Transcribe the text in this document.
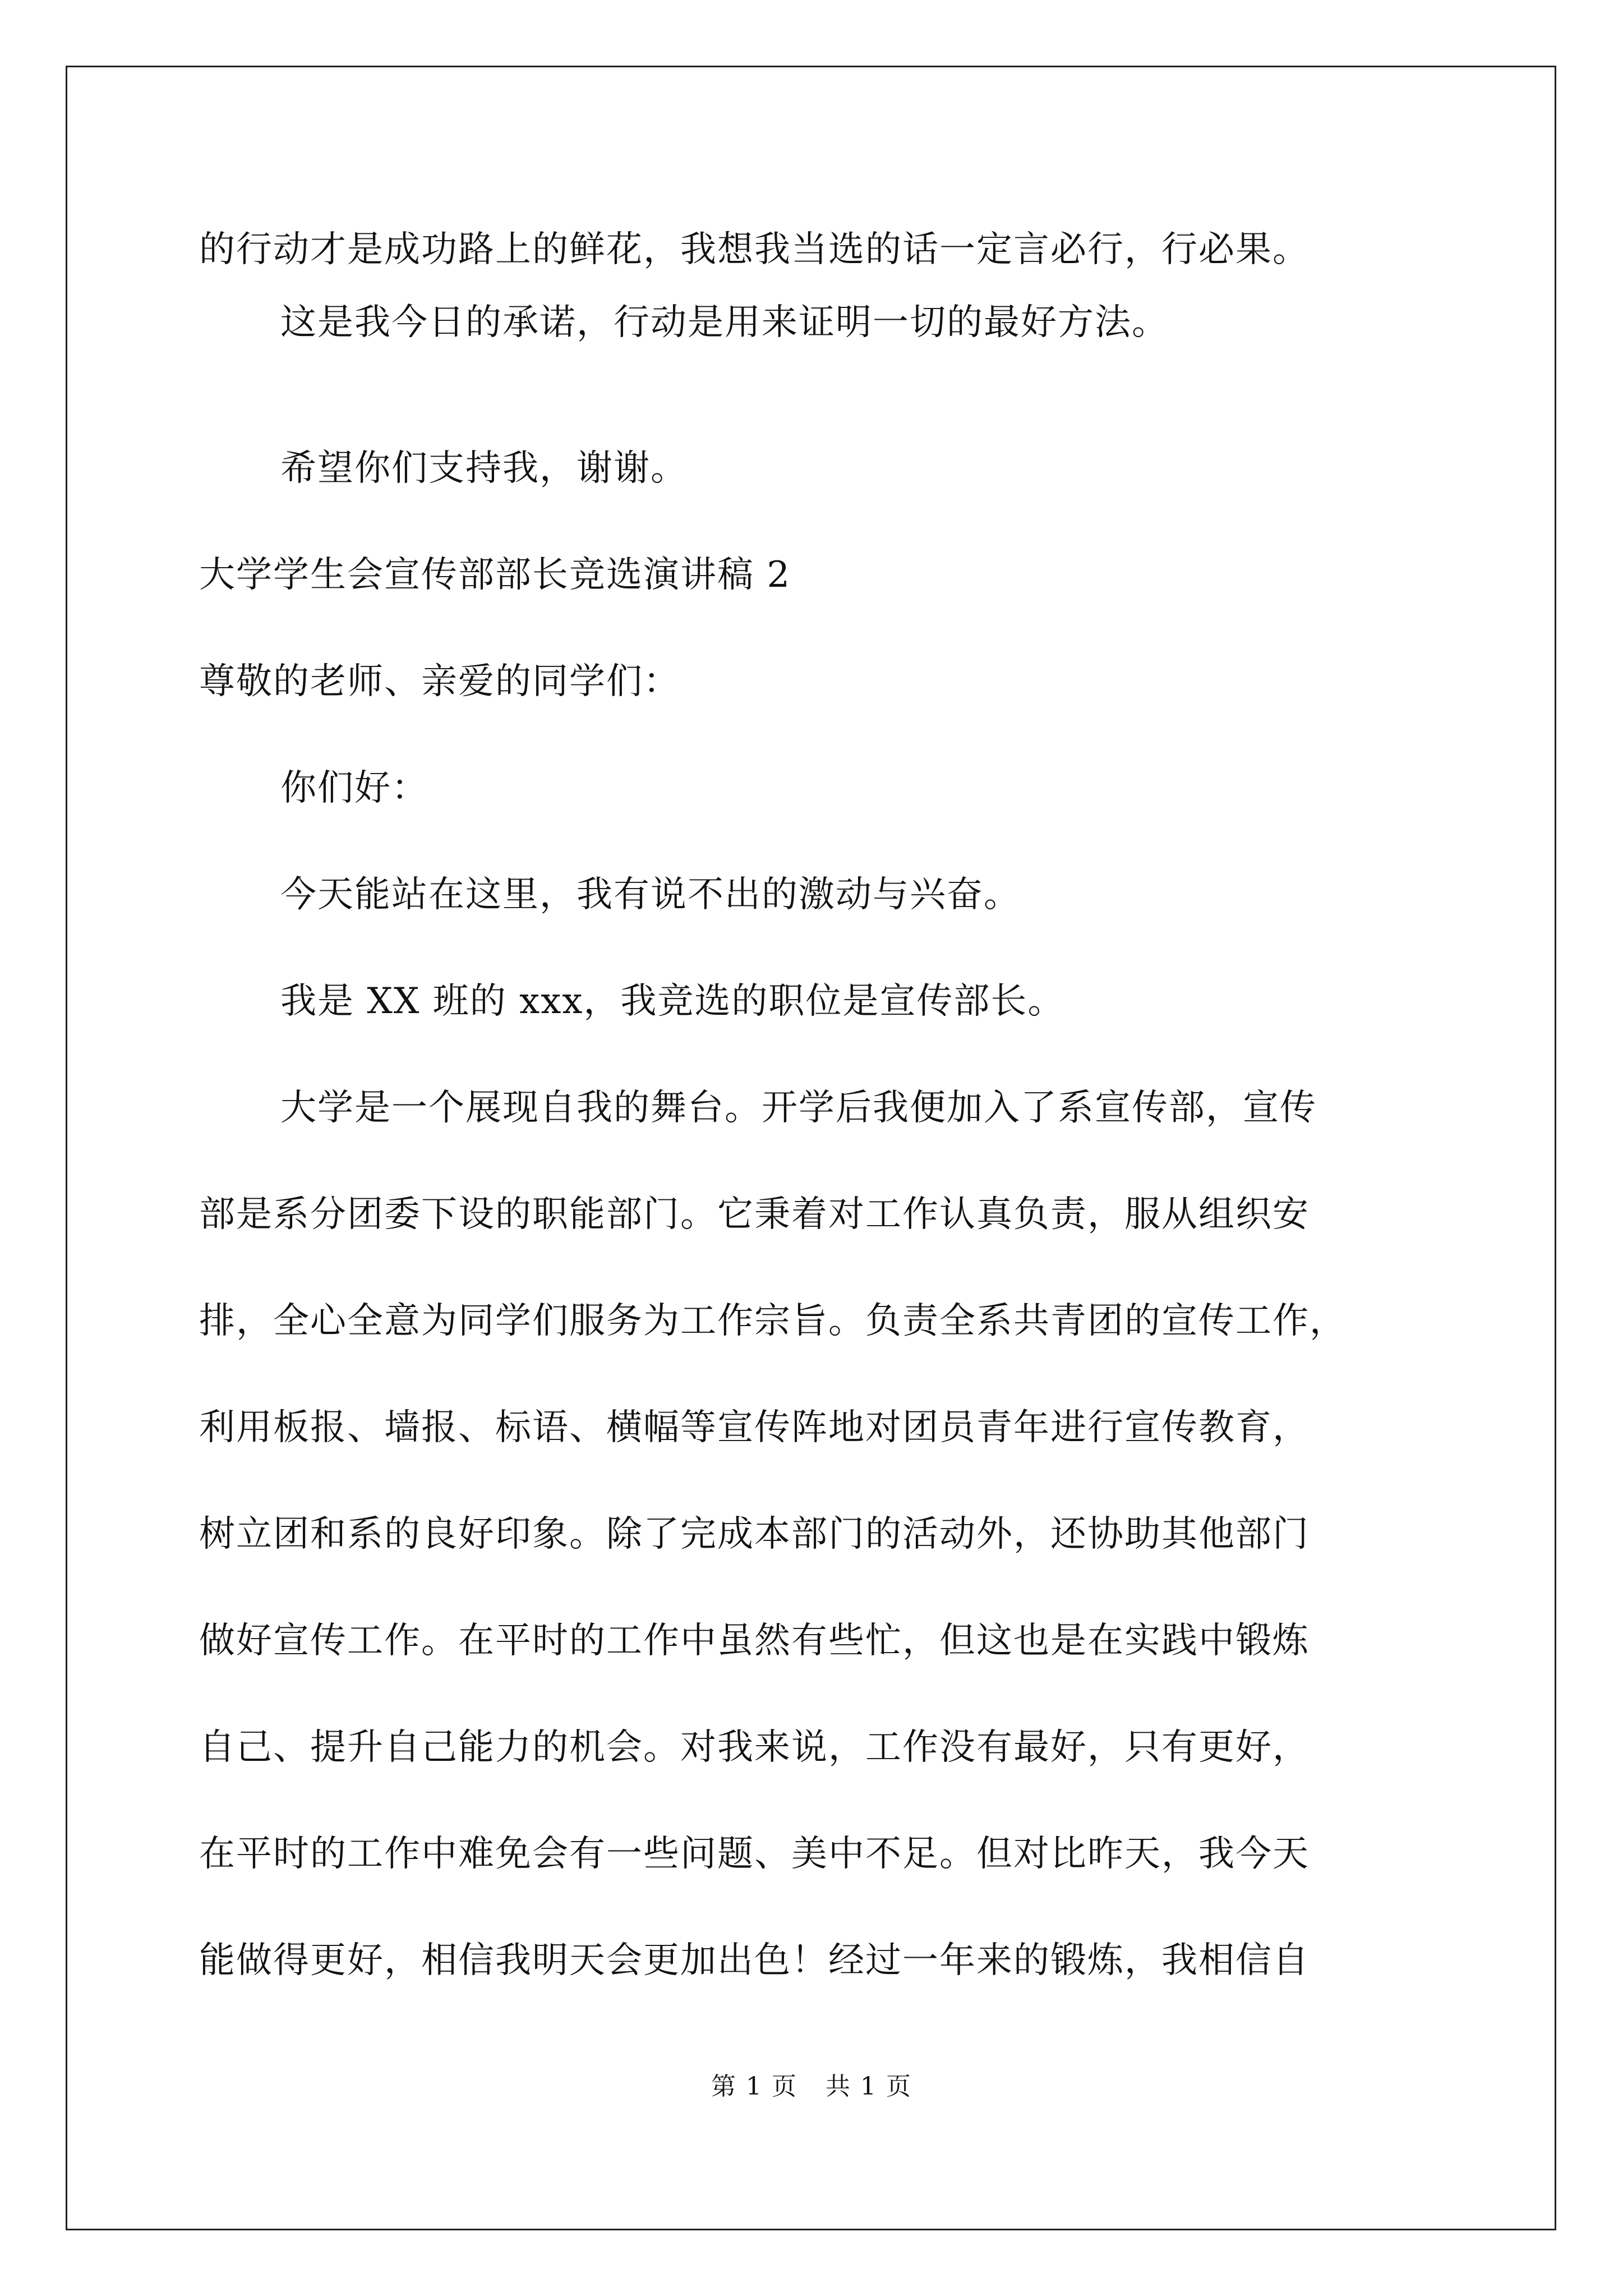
的行动才是成功路上的鲜花，我想我当选的话一定言必行，行必果。
这是我今日的承诺，行动是用来证明一切的最好方法。
希望你们支持我，谢谢。
大学学生会宣传部部长竞选演讲稿 2
尊敬的老师、亲爱的同学们：
你们好：
今天能站在这里，我有说不出的激动与兴奋。
我是 XX 班的 xxx，我竞选的职位是宣传部长。
大学是一个展现自我的舞台。开学后我便加入了系宣传部，宣传
部是系分团委下设的职能部门。它秉着对工作认真负责，服从组织安
排，全心全意为同学们服务为工作宗旨。负责全系共青团的宣传工作，
利用板报、墙报、标语、横幅等宣传阵地对团员青年进行宣传教育，
树立团和系的良好印象。除了完成本部门的活动外，还协助其他部门
做好宣传工作。在平时的工作中虽然有些忙，但这也是在实践中锻炼
自己、提升自己能力的机会。对我来说，工作没有最好，只有更好，
在平时的工作中难免会有一些问题、美中不足。但对比昨天，我今天
能做得更好，相信我明天会更加出色！经过一年来的锻炼，我相信自
第 1 页 共 1 页
